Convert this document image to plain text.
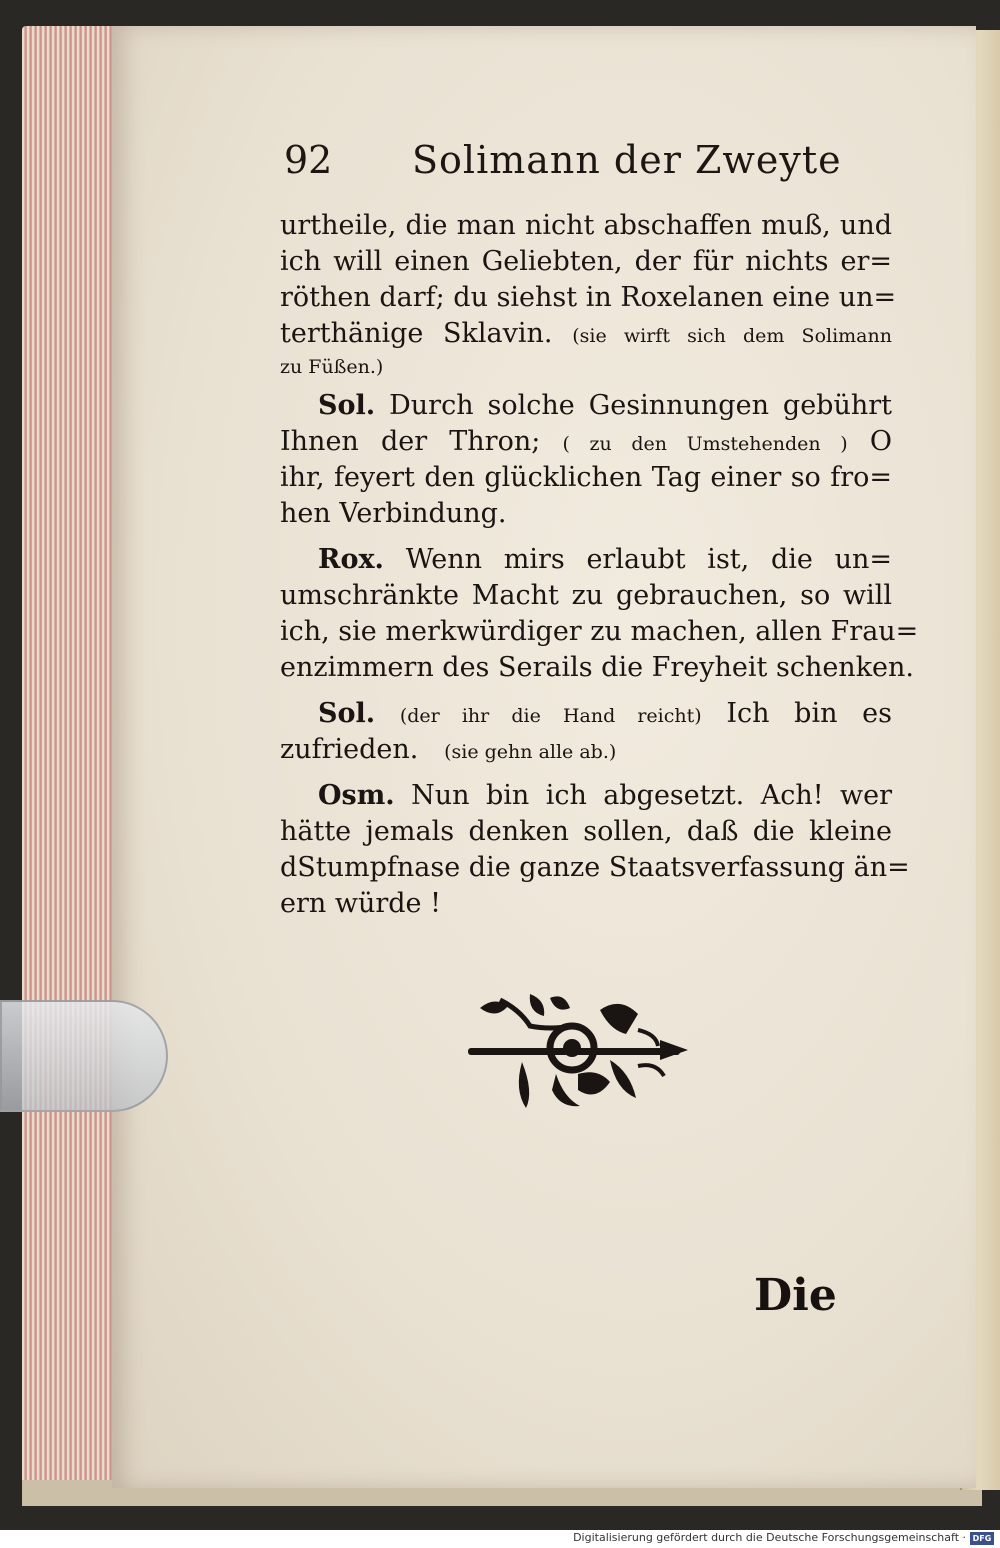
92 Solimann der Zweyte
urtheile, die man nicht abschaffen muß, und
ich will einen Geliebten, der für nichts er=
röthen darf; du siehst in Roxelanen eine un=
terthänige Sklavin. (sie wirft sich dem Solimann
zu Füßen.)
Sol. Durch solche Gesinnungen gebührt
Ihnen der Thron; ( zu den Umstehenden ) O
ihr, feyert den glücklichen Tag einer so fro=
hen Verbindung.
Rox. Wenn mirs erlaubt ist, die un=
umschränkte Macht zu gebrauchen, so will
ich, sie merkwürdiger zu machen, allen Frau=
enzimmern des Serails die Freyheit schenken.
Sol. (der ihr die Hand reicht) Ich bin es
zufrieden. (sie gehn alle ab.)
Osm. Nun bin ich abgesetzt. Ach! wer
hätte jemals denken sollen, daß die kleine
dStumpfnase die ganze Staatsverfassung än=
ern würde !
Die
Digitalisierung gefördert durch die Deutsche Forschungsgemeinschaft · DFG
